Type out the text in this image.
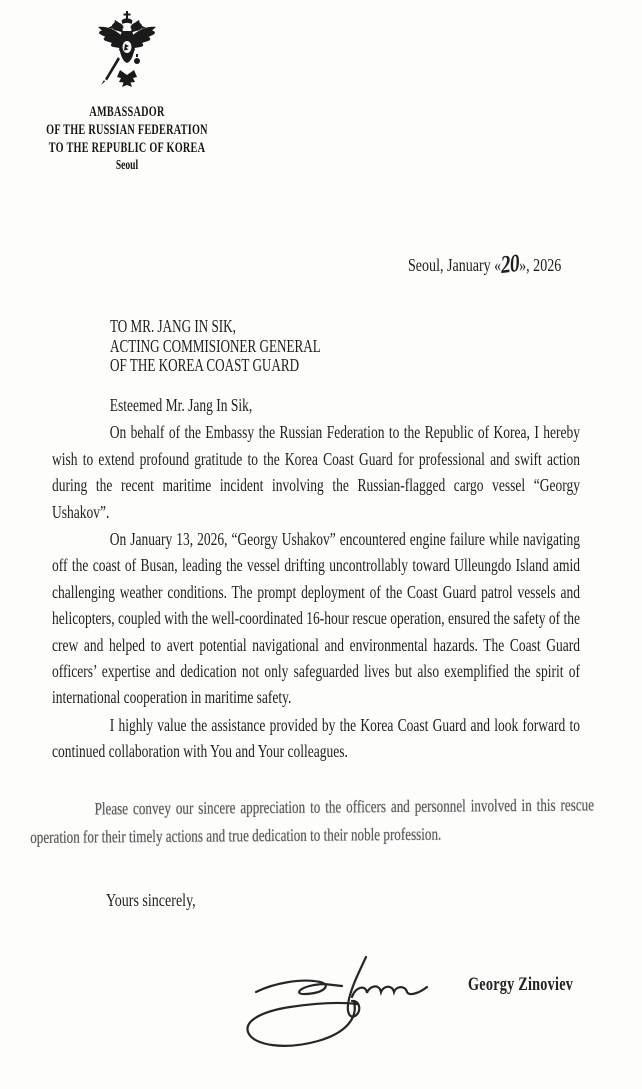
AMBASSADOR
OF THE RUSSIAN FEDERATION
TO THE REPUBLIC OF KOREA
Seoul
Seoul, January «20», 2026
TO MR. JANG IN SIK,
ACTING COMMISIONER GENERAL
OF THE KOREA COAST GUARD

Esteemed Mr. Jang In Sik,

On behalf of the Embassy the Russian Federation to the Republic of Korea, I hereby wish to extend profound gratitude to the Korea Coast Guard for professional and swift action during the recent maritime incident involving the Russian-flagged cargo vessel “Georgy Ushakov”.

On January 13, 2026, “Georgy Ushakov” encountered engine failure while navigating off the coast of Busan, leading the vessel drifting uncontrollably toward Ulleungdo Island amid challenging weather conditions. The prompt deployment of the Coast Guard patrol vessels and helicopters, coupled with the well-coordinated 16-hour rescue operation, ensured the safety of the crew and helped to avert potential navigational and environmental hazards. The Coast Guard officers’ expertise and dedication not only safeguarded lives but also exemplified the spirit of international cooperation in maritime safety.

I highly value the assistance provided by the Korea Coast Guard and look forward to continued collaboration with You and Your colleagues.

Please convey our sincere appreciation to the officers and personnel involved in this rescue operation for their timely actions and true dedication to their noble profession.
Yours sincerely,
Georgy Zinoviev
